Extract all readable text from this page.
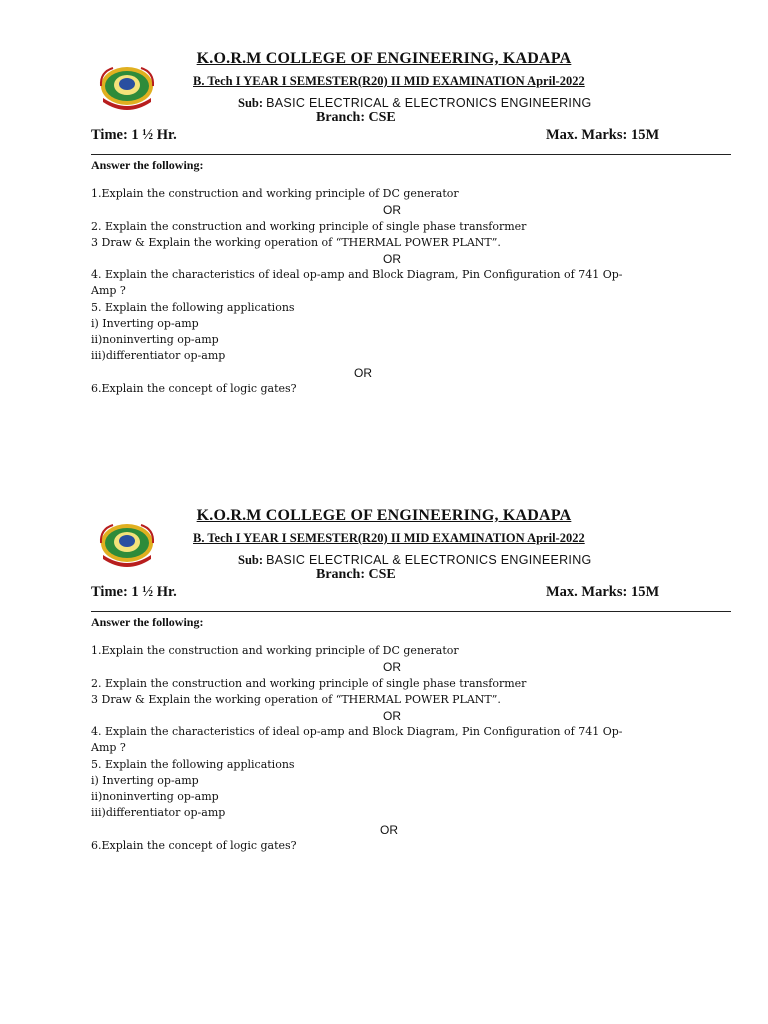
K.O.R.M COLLEGE OF ENGINEERING, KADAPA
B. Tech I YEAR I SEMESTER(R20) II MID EXAMINATION April-2022
Sub: BASIC ELECTRICAL & ELECTRONICS ENGINEERING
Branch: CSE
Time: 1 ½ Hr.	Max. Marks: 15M
Answer the following:
1.Explain the construction and working principle of DC generator
OR
2. Explain the construction and working principle of single phase transformer
3 Draw & Explain the working operation of “THERMAL POWER PLANT”.
OR
4. Explain the characteristics of ideal op-amp and Block Diagram, Pin Configuration of 741 Op-
Amp ?
5. Explain the following applications
i) Inverting op-amp
ii)noninverting op-amp
iii)differentiator op-amp
OR
6.Explain the concept of logic gates?
K.O.R.M COLLEGE OF ENGINEERING, KADAPA
B. Tech I YEAR I SEMESTER(R20) II MID EXAMINATION April-2022
Sub: BASIC ELECTRICAL & ELECTRONICS ENGINEERING
Branch: CSE
Time: 1 ½ Hr.	Max. Marks: 15M
Answer the following:
1.Explain the construction and working principle of DC generator
OR
2. Explain the construction and working principle of single phase transformer
3 Draw & Explain the working operation of “THERMAL POWER PLANT”.
OR
4. Explain the characteristics of ideal op-amp and Block Diagram, Pin Configuration of 741 Op-
Amp ?
5. Explain the following applications
i) Inverting op-amp
ii)noninverting op-amp
iii)differentiator op-amp
OR
6.Explain the concept of logic gates?
